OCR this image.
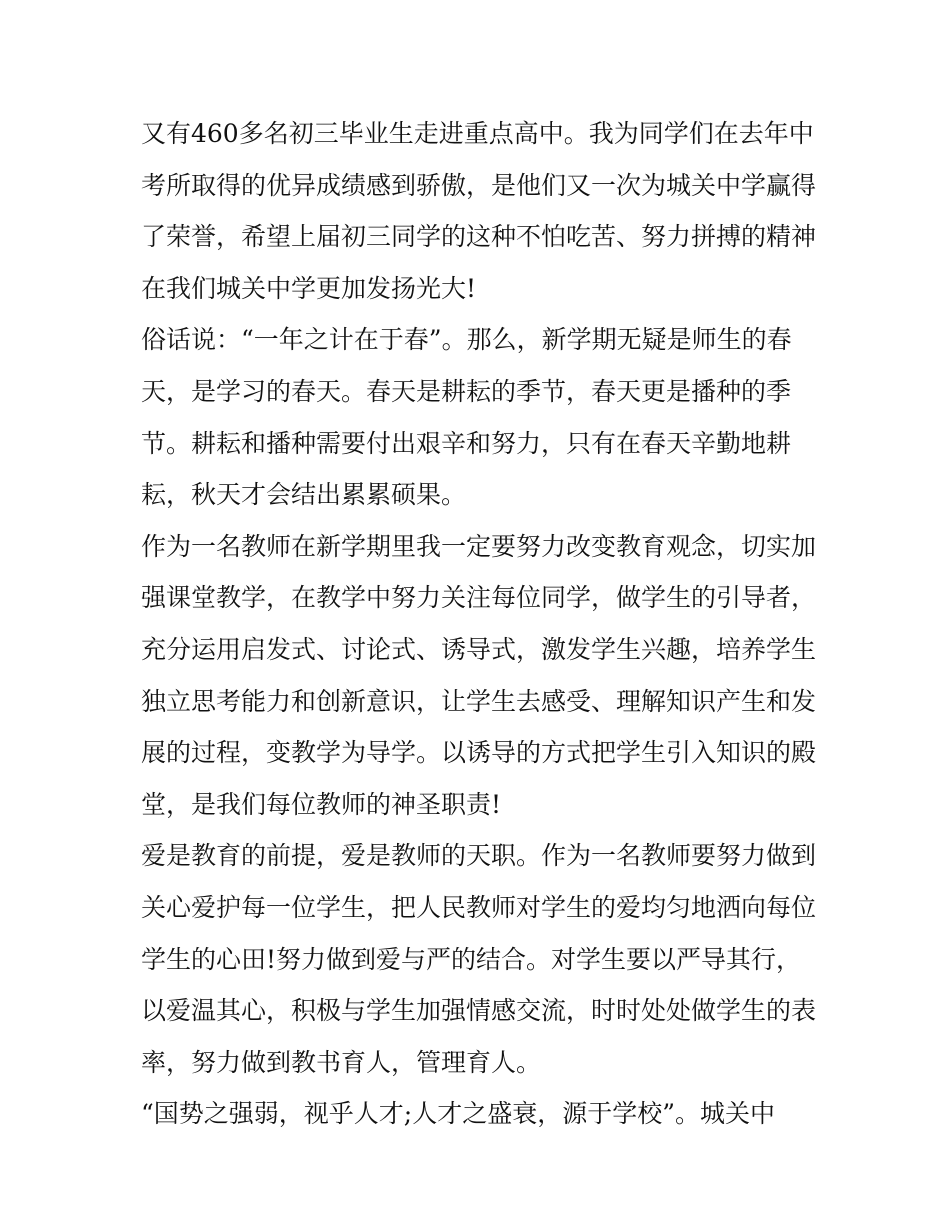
又有460多名初三毕业生走进重点高中。我为同学们在去年中
考所取得的优异成绩感到骄傲，是他们又一次为城关中学赢得
了荣誉，希望上届初三同学的这种不怕吃苦、努力拼搏的精神
在我们城关中学更加发扬光大!
俗话说：“一年之计在于春”。那么，新学期无疑是师生的春
天，是学习的春天。春天是耕耘的季节，春天更是播种的季
节。耕耘和播种需要付出艰辛和努力，只有在春天辛勤地耕
耘，秋天才会结出累累硕果。
作为一名教师在新学期里我一定要努力改变教育观念，切实加
强课堂教学，在教学中努力关注每位同学，做学生的引导者，
充分运用启发式、讨论式、诱导式，激发学生兴趣，培养学生
独立思考能力和创新意识，让学生去感受、理解知识产生和发
展的过程，变教学为导学。以诱导的方式把学生引入知识的殿
堂，是我们每位教师的神圣职责!
爱是教育的前提，爱是教师的天职。作为一名教师要努力做到
关心爱护每一位学生，把人民教师对学生的爱均匀地洒向每位
学生的心田!努力做到爱与严的结合。对学生要以严导其行，
以爱温其心，积极与学生加强情感交流，时时处处做学生的表
率，努力做到教书育人，管理育人。
“国势之强弱，视乎人才;人才之盛衰，源于学校”。城关中
